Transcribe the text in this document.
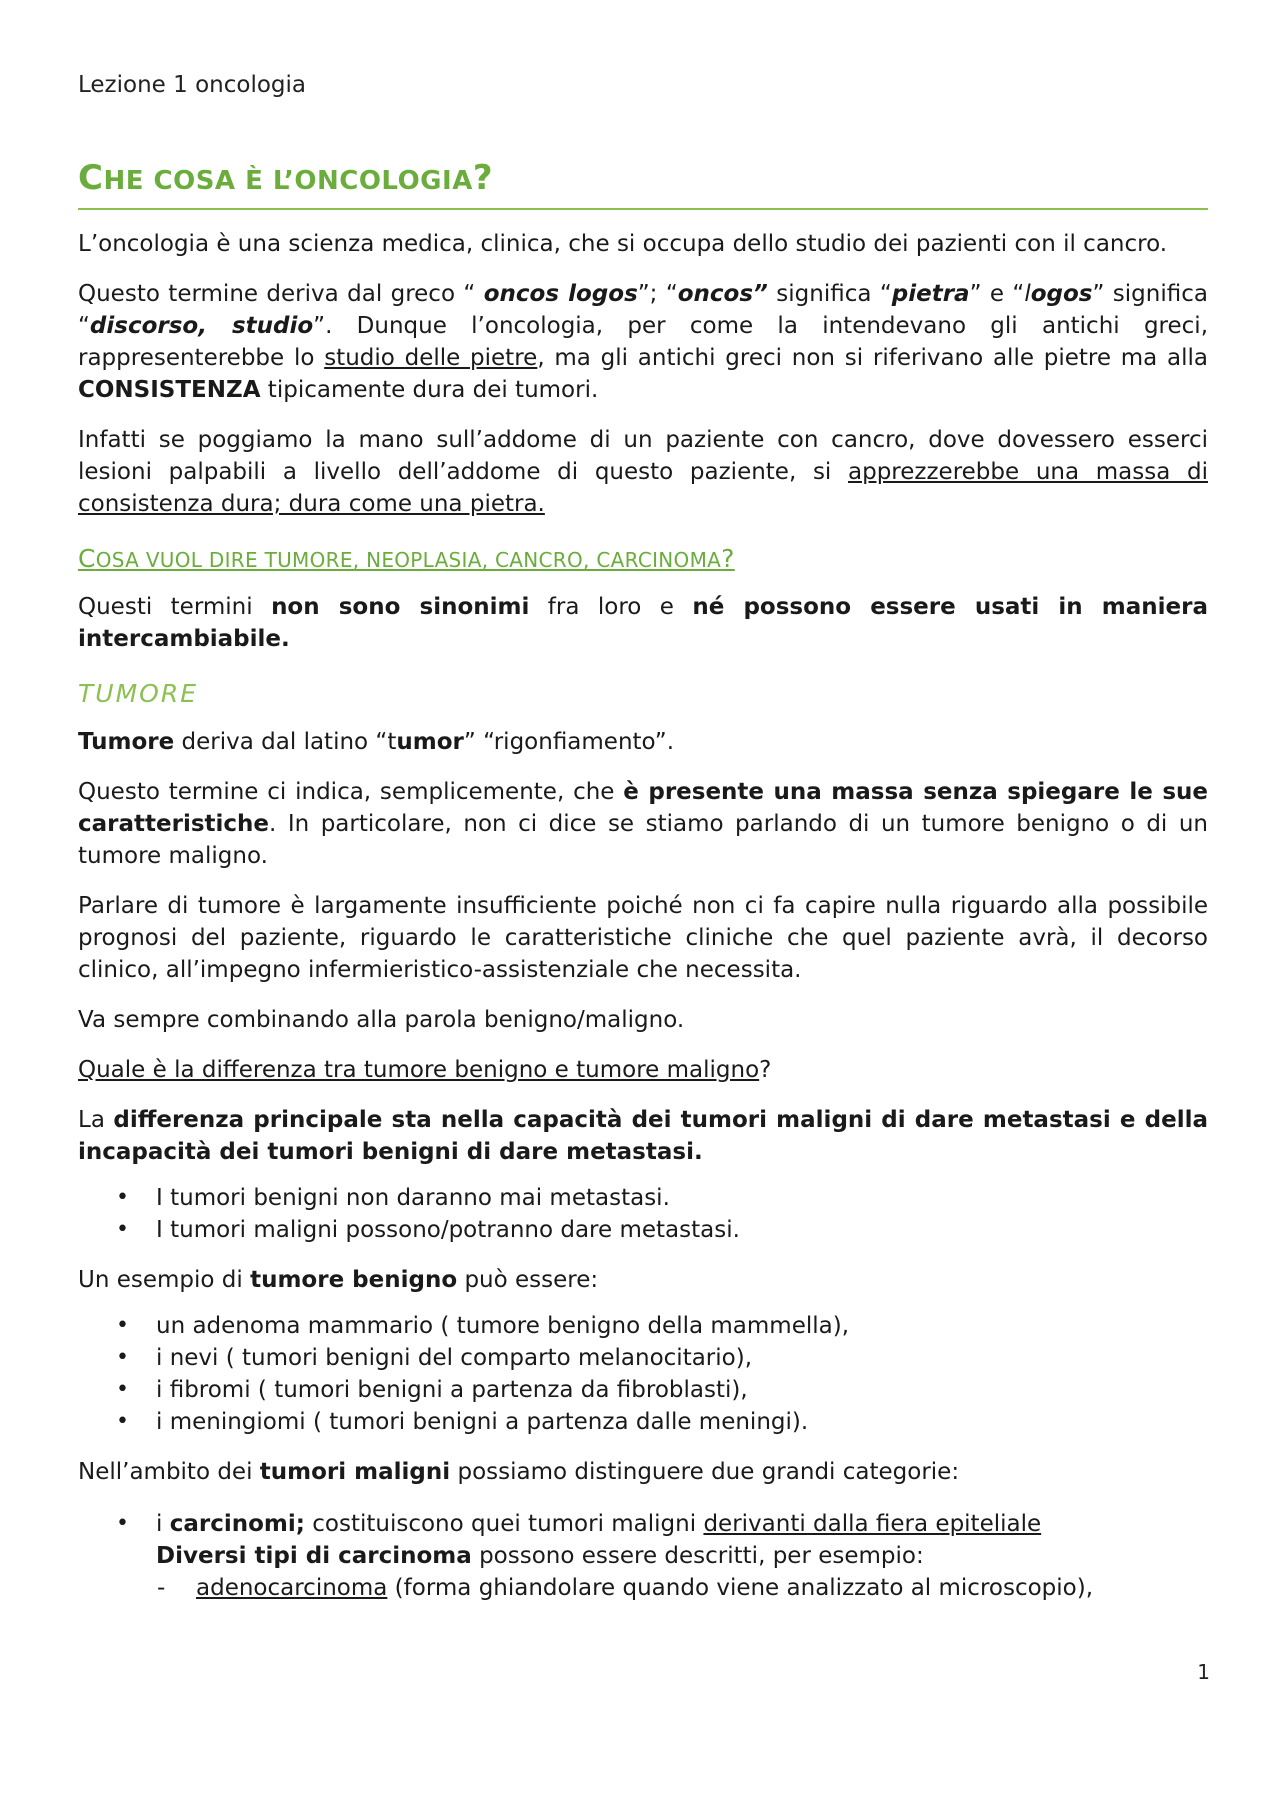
Lezione 1 oncologia
CHE COSA È L’ONCOLOGIA?

L’oncologia è una scienza medica, clinica, che si occupa dello studio dei pazienti con il cancro.

Questo termine deriva dal greco “ oncos logos”; “oncos” significa “pietra” e “logos” significa “discorso, studio”. Dunque l’oncologia, per come la intendevano gli antichi greci, rappresenterebbe lo studio delle pietre, ma gli antichi greci non si riferivano alle pietre ma alla CONSISTENZA tipicamente dura dei tumori.

Infatti se poggiamo la mano sull’addome di un paziente con cancro, dove dovessero esserci lesioni palpabili a livello dell’addome di questo paziente, si apprezzerebbe una massa di consistenza dura; dura come una pietra.

COSA VUOL DIRE TUMORE, NEOPLASIA, CANCRO, CARCINOMA?

Questi termini non sono sinonimi fra loro e né possono essere usati in maniera intercambiabile.

TUMORE

Tumore deriva dal latino “tumor” “rigonfiamento”.

Questo termine ci indica, semplicemente, che è presente una massa senza spiegare le sue caratteristiche. In particolare, non ci dice se stiamo parlando di un tumore benigno o di un tumore maligno.

Parlare di tumore è largamente insufficiente poiché non ci fa capire nulla riguardo alla possibile prognosi del paziente, riguardo le caratteristiche cliniche che quel paziente avrà, il decorso clinico, all’impegno infermieristico-assistenziale che necessita.

Va sempre combinando alla parola benigno/maligno.

Quale è la differenza tra tumore benigno e tumore maligno?

La differenza principale sta nella capacità dei tumori maligni di dare metastasi e della incapacità dei tumori benigni di dare metastasi.

• I tumori benigni non daranno mai metastasi.
• I tumori maligni possono/potranno dare metastasi.

Un esempio di tumore benigno può essere:

• un adenoma mammario ( tumore benigno della mammella),
• i nevi ( tumori benigni del comparto melanocitario),
• i fibromi ( tumori benigni a partenza da fibroblasti),
• i meningiomi ( tumori benigni a partenza dalle meningi).

Nell’ambito dei tumori maligni possiamo distinguere due grandi categorie:

• i carcinomi; costituiscono quei tumori maligni derivanti dalla fiera epiteliale
Diversi tipi di carcinoma possono essere descritti, per esempio:
- adenocarcinoma (forma ghiandolare quando viene analizzato al microscopio),
1
